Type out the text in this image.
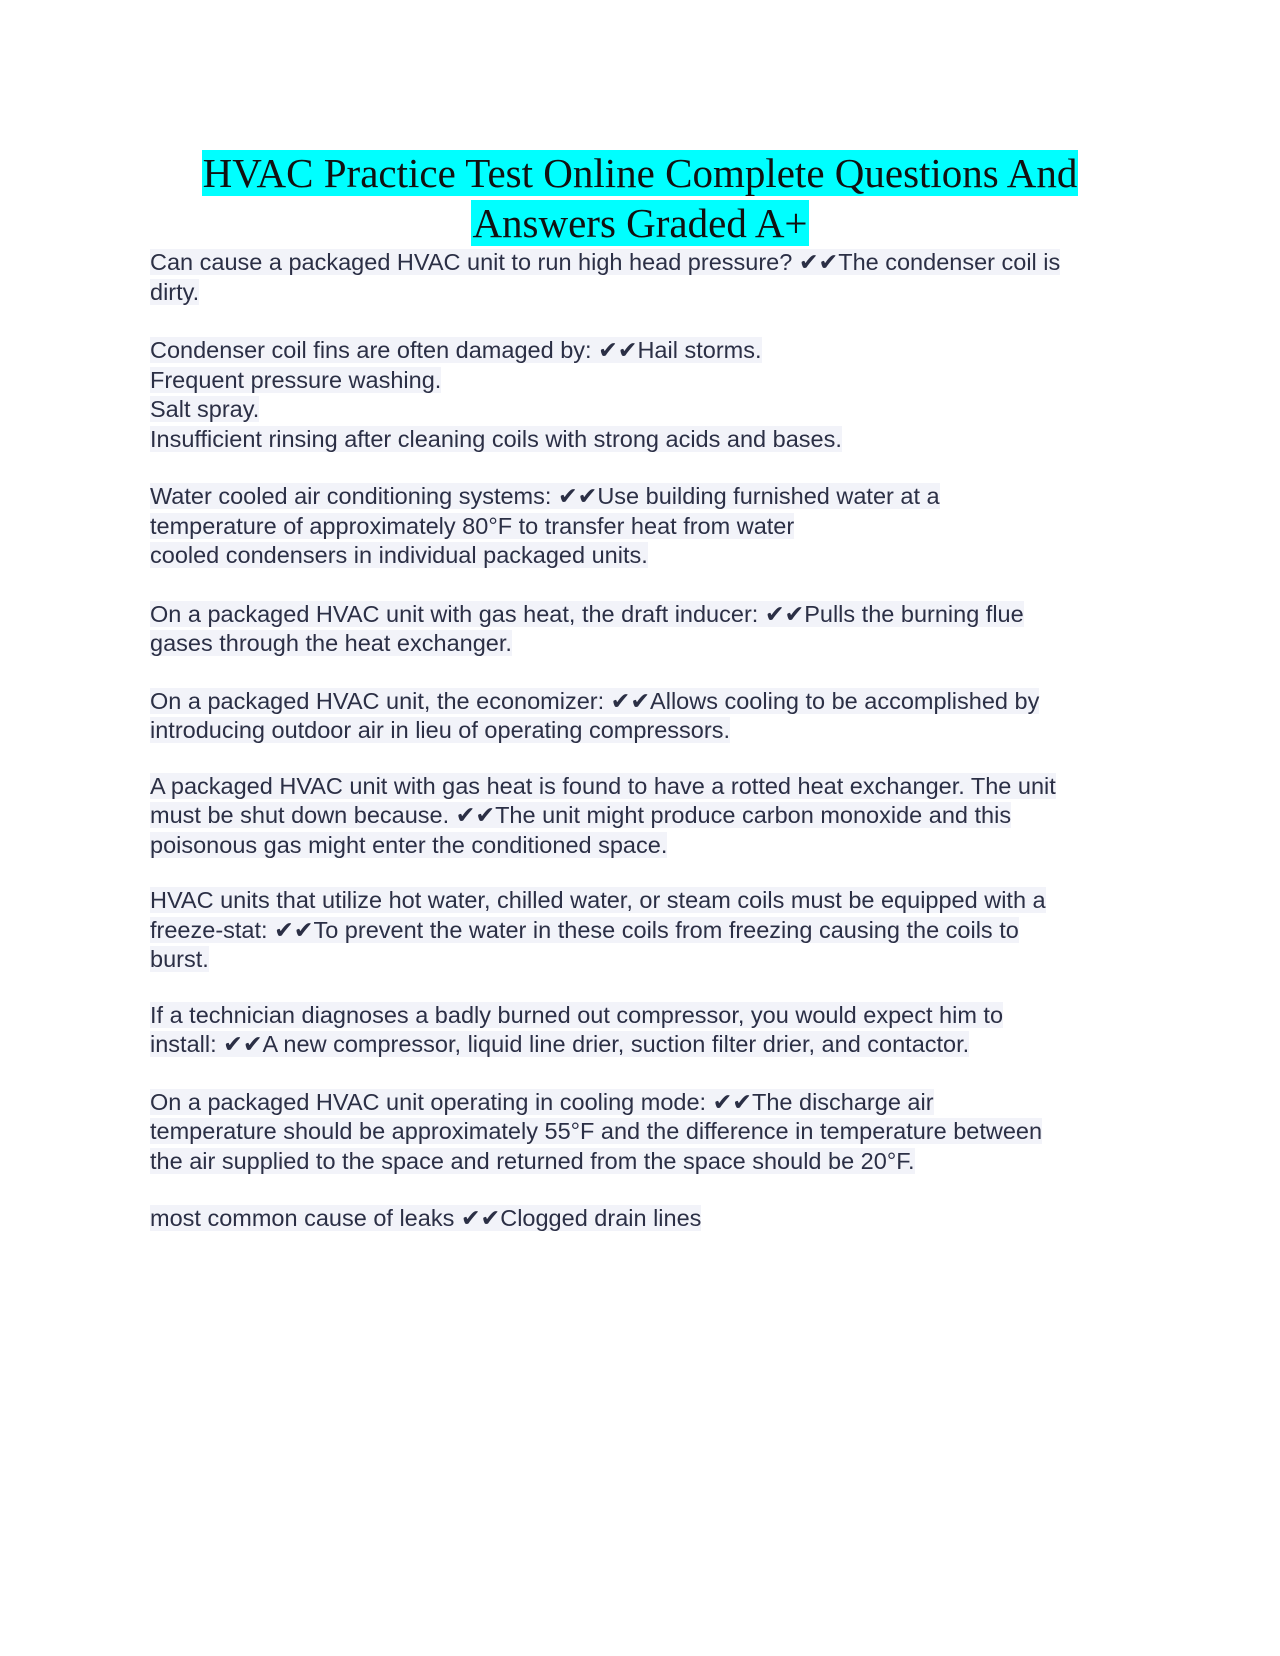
HVAC Practice Test Online Complete Questions And
Answers Graded A+

Can cause a packaged HVAC unit to run high head pressure? ✔✔The condenser coil is
dirty.

Condenser coil fins are often damaged by: ✔✔Hail storms.
Frequent pressure washing.
Salt spray.
Insufficient rinsing after cleaning coils with strong acids and bases.

Water cooled air conditioning systems: ✔✔Use building furnished water at a
temperature of approximately 80°F to transfer heat from water
cooled condensers in individual packaged units.

On a packaged HVAC unit with gas heat, the draft inducer: ✔✔Pulls the burning flue
gases through the heat exchanger.

On a packaged HVAC unit, the economizer: ✔✔Allows cooling to be accomplished by
introducing outdoor air in lieu of operating compressors.

A packaged HVAC unit with gas heat is found to have a rotted heat exchanger. The unit
must be shut down because. ✔✔The unit might produce carbon monoxide and this
poisonous gas might enter the conditioned space.

HVAC units that utilize hot water, chilled water, or steam coils must be equipped with a
freeze-stat: ✔✔To prevent the water in these coils from freezing causing the coils to
burst.

If a technician diagnoses a badly burned out compressor, you would expect him to
install: ✔✔A new compressor, liquid line drier, suction filter drier, and contactor.

On a packaged HVAC unit operating in cooling mode: ✔✔The discharge air
temperature should be approximately 55°F and the difference in temperature between
the air supplied to the space and returned from the space should be 20°F.

most common cause of leaks ✔✔Clogged drain lines
